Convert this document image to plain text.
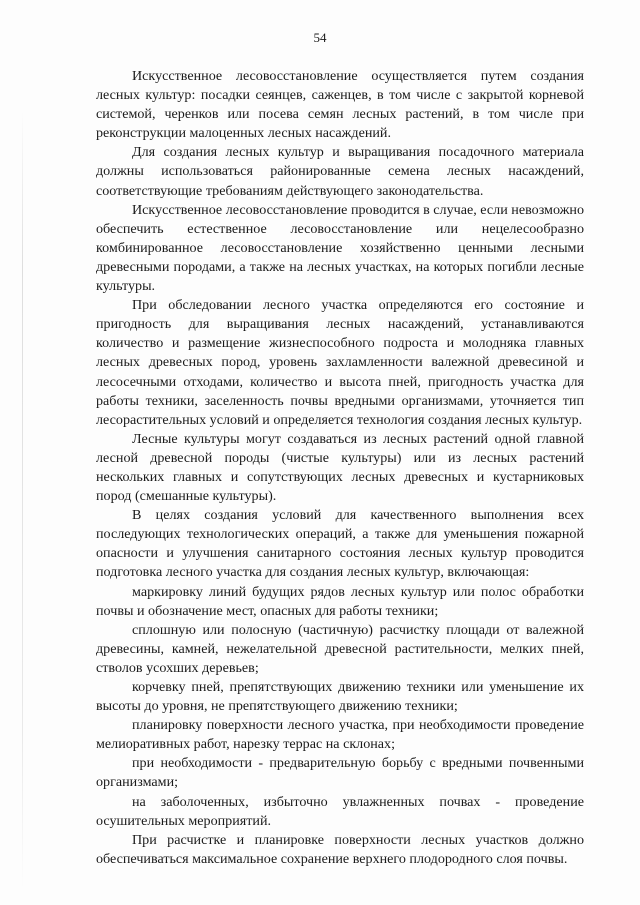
54

Искусственное лесовосстановление осуществляется путем создания лесных культур: посадки сеянцев, саженцев, в том числе с закрытой корневой системой, черенков или посева семян лесных растений, в том числе при реконструкции малоценных лесных насаждений.

Для создания лесных культур и выращивания посадочного материала должны использоваться районированные семена лесных насаждений, соответствующие требованиям действующего законодательства.

Искусственное лесовосстановление проводится в случае, если невозможно обеспечить естественное лесовосстановление или нецелесообразно комбинированное лесовосстановление хозяйственно ценными лесными древесными породами, а также на лесных участках, на которых погибли лесные культуры.

При обследовании лесного участка определяются его состояние и пригодность для выращивания лесных насаждений, устанавливаются количество и размещение жизнеспособного подроста и молодняка главных лесных древесных пород, уровень захламленности валежной древесиной и лесосечными отходами, количество и высота пней, пригодность участка для работы техники, заселенность почвы вредными организмами, уточняется тип лесорастительных условий и определяется технология создания лесных культур.

Лесные культуры могут создаваться из лесных растений одной главной лесной древесной породы (чистые культуры) или из лесных растений нескольких главных и сопутствующих лесных древесных и кустарниковых пород (смешанные культуры).

В целях создания условий для качественного выполнения всех последующих технологических операций, а также для уменьшения пожарной опасности и улучшения санитарного состояния лесных культур проводится подготовка лесного участка для создания лесных культур, включающая:

маркировку линий будущих рядов лесных культур или полос обработки почвы и обозначение мест, опасных для работы техники;

сплошную или полосную (частичную) расчистку площади от валежной древесины, камней, нежелательной древесной растительности, мелких пней, стволов усохших деревьев;

корчевку пней, препятствующих движению техники или уменьшение их высоты до уровня, не препятствующего движению техники;

планировку поверхности лесного участка, при необходимости проведение мелиоративных работ, нарезку террас на склонах;

при необходимости - предварительную борьбу с вредными почвенными организмами;

на заболоченных, избыточно увлажненных почвах - проведение осушительных мероприятий.

При расчистке и планировке поверхности лесных участков должно обеспечиваться максимальное сохранение верхнего плодородного слоя почвы.
